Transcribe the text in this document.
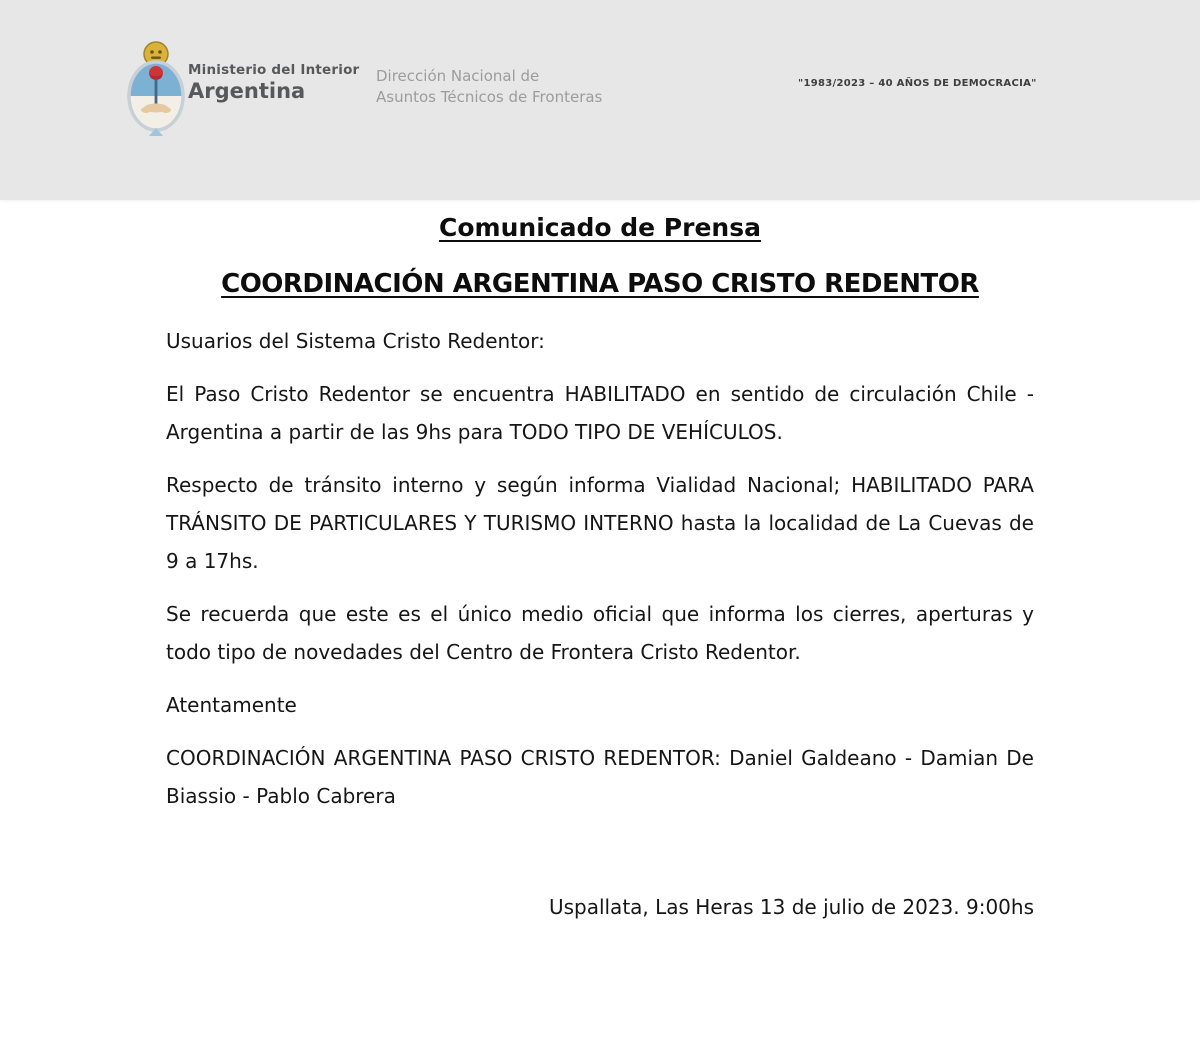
Ministerio del Interior
Argentina
Dirección Nacional de
Asuntos Técnicos de Fronteras
"1983/2023 – 40 AÑOS DE DEMOCRACIA"
Comunicado de Prensa
COORDINACIÓN ARGENTINA PASO CRISTO REDENTOR

Usuarios del Sistema Cristo Redentor:

El Paso Cristo Redentor se encuentra HABILITADO en sentido de circulación Chile - Argentina a partir de las 9hs para TODO TIPO DE VEHÍCULOS.

Respecto de tránsito interno y según informa Vialidad Nacional; HABILITADO PARA TRÁNSITO DE PARTICULARES Y TURISMO INTERNO hasta la localidad de La Cuevas de 9 a 17hs.

Se recuerda que este es el único medio oficial que informa los cierres, aperturas y todo tipo de novedades del Centro de Frontera Cristo Redentor.

Atentamente

COORDINACIÓN ARGENTINA PASO CRISTO REDENTOR: Daniel Galdeano - Damian De Biassio - Pablo Cabrera

Uspallata, Las Heras 13 de julio de 2023. 9:00hs
